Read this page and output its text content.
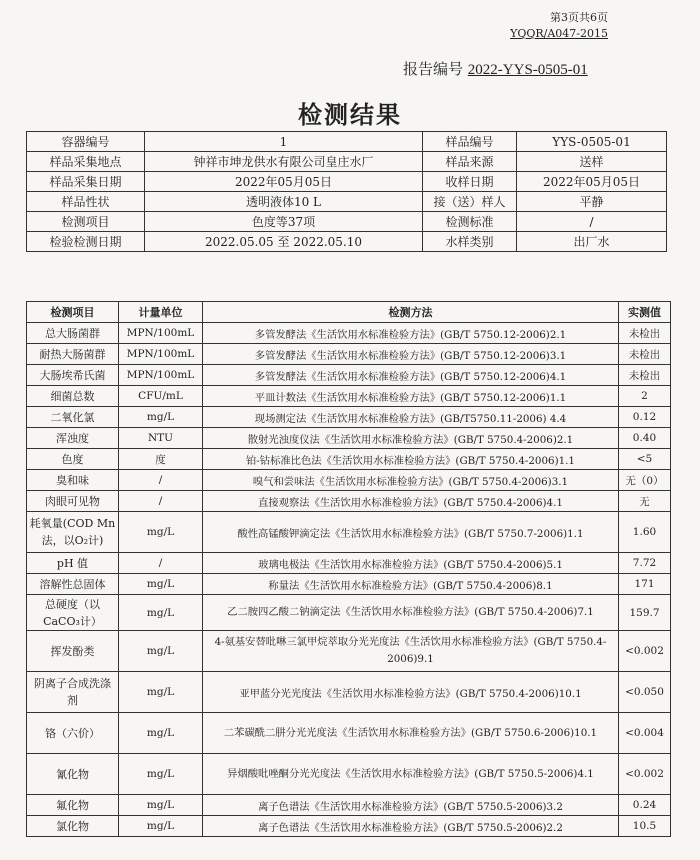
第3页共6页
YQQR/A047-2015
报告编号 2022-YYS-0505-01
检测结果
容器编号	1	样品编号	YYS-0505-01
样品采集地点	钟祥市坤龙供水有限公司皇庄水厂	样品来源	送样
样品采集日期	2022年05月05日	收样日期	2022年05月05日
样品性状	透明液体10 L	接（送）样人	平静
检测项目	色度等37项	检测标准	/
检验检测日期	2022.05.05 至 2022.05.10	水样类别	出厂水
检测项目	计量单位	检测方法	实测值
总大肠菌群	MPN/100mL	多管发酵法《生活饮用水标准检验方法》(GB/T 5750.12-2006)2.1	未检出
耐热大肠菌群	MPN/100mL	多管发酵法《生活饮用水标准检验方法》(GB/T 5750.12-2006)3.1	未检出
大肠埃希氏菌	MPN/100mL	多管发酵法《生活饮用水标准检验方法》(GB/T 5750.12-2006)4.1	未检出
细菌总数	CFU/mL	平皿计数法《生活饮用水标准检验方法》(GB/T 5750.12-2006)1.1	2
二氧化氯	mg/L	现场测定法《生活饮用水标准检验方法》(GB/T5750.11-2006) 4.4	0.12
浑浊度	NTU	散射光浊度仪法《生活饮用水标准检验方法》(GB/T 5750.4-2006)2.1	0.40
色度	度	铂-钴标准比色法《生活饮用水标准检验方法》(GB/T 5750.4-2006)1.1	<5
臭和味	/	嗅气和尝味法《生活饮用水标准检验方法》(GB/T 5750.4-2006)3.1	无（0）
肉眼可见物	/	直接观察法《生活饮用水标准检验方法》(GB/T 5750.4-2006)4.1	无
耗氧量(COD Mn 法，以O₂计)	mg/L	酸性高锰酸钾滴定法《生活饮用水标准检验方法》(GB/T 5750.7-2006)1.1	1.60
pH 值	/	玻璃电极法《生活饮用水标准检验方法》(GB/T 5750.4-2006)5.1	7.72
溶解性总固体	mg/L	称量法《生活饮用水标准检验方法》(GB/T 5750.4-2006)8.1	171
总硬度（以CaCO₃计）	mg/L	乙二胺四乙酸二钠滴定法《生活饮用水标准检验方法》(GB/T 5750.4-2006)7.1	159.7
挥发酚类	mg/L	4-氨基安替吡啉三氯甲烷萃取分光光度法《生活饮用水标准检验方法》(GB/T 5750.4-2006)9.1	<0.002
阴离子合成洗涤剂	mg/L	亚甲蓝分光光度法《生活饮用水标准检验方法》(GB/T 5750.4-2006)10.1	<0.050
铬（六价）	mg/L	二苯碳酰二肼分光光度法《生活饮用水标准检验方法》(GB/T 5750.6-2006)10.1	<0.004
氰化物	mg/L	异烟酸吡唑酮分光光度法《生活饮用水标准检验方法》(GB/T 5750.5-2006)4.1	<0.002
氟化物	mg/L	离子色谱法《生活饮用水标准检验方法》(GB/T 5750.5-2006)3.2	0.24
氯化物	mg/L	离子色谱法《生活饮用水标准检验方法》(GB/T 5750.5-2006)2.2	10.5
